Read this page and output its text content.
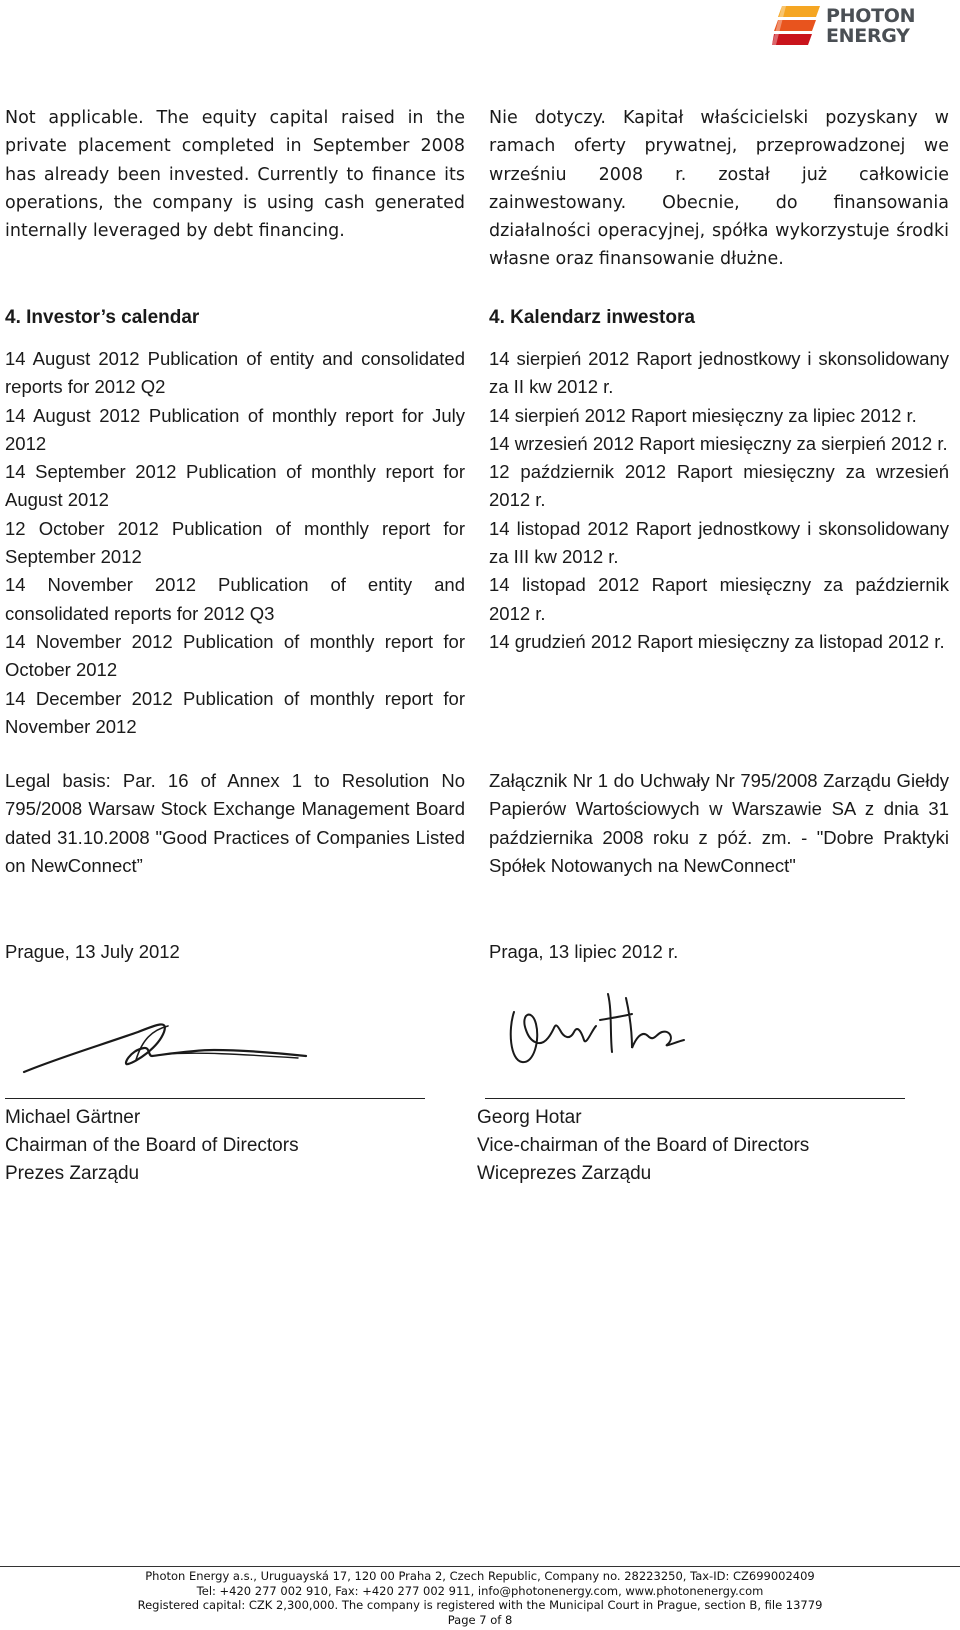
PHOTON
ENERGY

Not applicable. The equity capital raised in the private placement completed in September 2008 has already been invested. Currently to finance its operations, the company is using cash generated internally leveraged by debt financing.

4. Investor’s calendar
14 August 2012 Publication of entity and consolidated reports for 2012 Q2
14 August 2012 Publication of monthly report for July 2012
14 September 2012 Publication of monthly report for August 2012
12 October 2012 Publication of monthly report for September 2012
14 November 2012 Publication of entity and consolidated reports for 2012 Q3
14 November 2012 Publication of monthly report for October 2012
14 December 2012 Publication of monthly report for November 2012

Legal basis: Par. 16 of Annex 1 to Resolution No 795/2008 Warsaw Stock Exchange Management Board dated 31.10.2008 "Good Practices of Companies Listed on NewConnect”

Prague, 13 July 2012

Nie dotyczy. Kapitał właścicielski pozyskany w ramach oferty prywatnej, przeprowadzonej we wrześniu 2008 r. został już całkowicie zainwestowany. Obecnie, do finansowania działalności operacyjnej, spółka wykorzystuje środki własne oraz finansowanie dłużne.

4. Kalendarz inwestora
14 sierpień 2012 Raport jednostkowy i skonsolidowany za II kw 2012 r.
14 sierpień 2012 Raport miesięczny za lipiec 2012 r.
14 wrzesień 2012 Raport miesięczny za sierpień 2012 r.
12 październik 2012 Raport miesięczny za wrzesień 2012 r.
14 listopad 2012 Raport jednostkowy i skonsolidowany za III kw 2012 r.
14 listopad 2012 Raport miesięczny za październik 2012 r.
14 grudzień 2012 Raport miesięczny za listopad 2012 r.

Załącznik Nr 1 do Uchwały Nr 795/2008 Zarządu Giełdy Papierów Wartościowych w Warszawie SA z dnia 31 października 2008 roku z póź. zm. - "Dobre Praktyki Spółek Notowanych na NewConnect"

Praga, 13 lipiec 2012 r.

Michael Gärtner
Chairman of the Board of Directors
Prezes Zarządu
Georg Hotar
Vice-chairman of the Board of Directors
Wiceprezes Zarządu
Photon Energy a.s., Uruguayská 17, 120 00 Praha 2, Czech Republic, Company no. 28223250, Tax-ID: CZ699002409
Tel: +420 277 002 910, Fax: +420 277 002 911, info@photonenergy.com, www.photonenergy.com
Registered capital: CZK 2,300,000. The company is registered with the Municipal Court in Prague, section B, file 13779
Page 7 of 8
